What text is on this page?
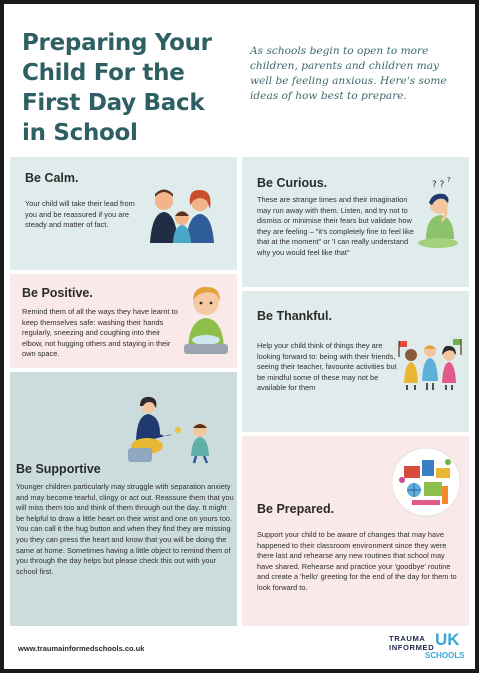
Preparing Your Child For the First Day Back in School
As schools begin to open to more children, parents and children may well be feeling anxious. Here's some ideas of how best to prepare.
Be Calm.
Your child will take their lead from you and be reassured if you are steady and matter of fact.
Be Curious.
These are strange times and their imagination may run away with them. Listen, and try not to dismiss or minimise their fears but validate how they are feeling – "it's completely fine to feel like that at the moment" or 'I can really understand why you would feel like that"
? ? ?
Be Positive.
Remind them of all the ways they have learnt to keep themselves safe: washing their hands regularly, sneezing and coughing into their elbow, not hugging others and staying in their own space.
Be Thankful.
Help your child think of things they are looking forward to: being with their friends, seeing their teacher, favourite activities but be mindful some of these may not be available for them
Be Supportive
Younger children particularly may struggle with separation anxiety and may become tearful, clingy or act out. Reassure them that you will miss them too and think of them through out the day. It might be helpful to draw a little heart on their wrist and one on yours too. You can call it the hug button and when they find they are missing you they can press the heart and know that you will be doing the same at home. Sometimes having a little object to remind them of you through the day helps but please check this out with your school first.
Be Prepared.
Support your child to be aware of changes that may have happened to their classroom environment since they were there last and rehearse any new routines that school may have shared. Rehearse and practice your 'goodbye' routine and create a 'hello' greeting for the end of the day for them to look forward to.
www.traumainformedschools.co.uk
TRAUMA
INFORMED UK
SCHOOLS
